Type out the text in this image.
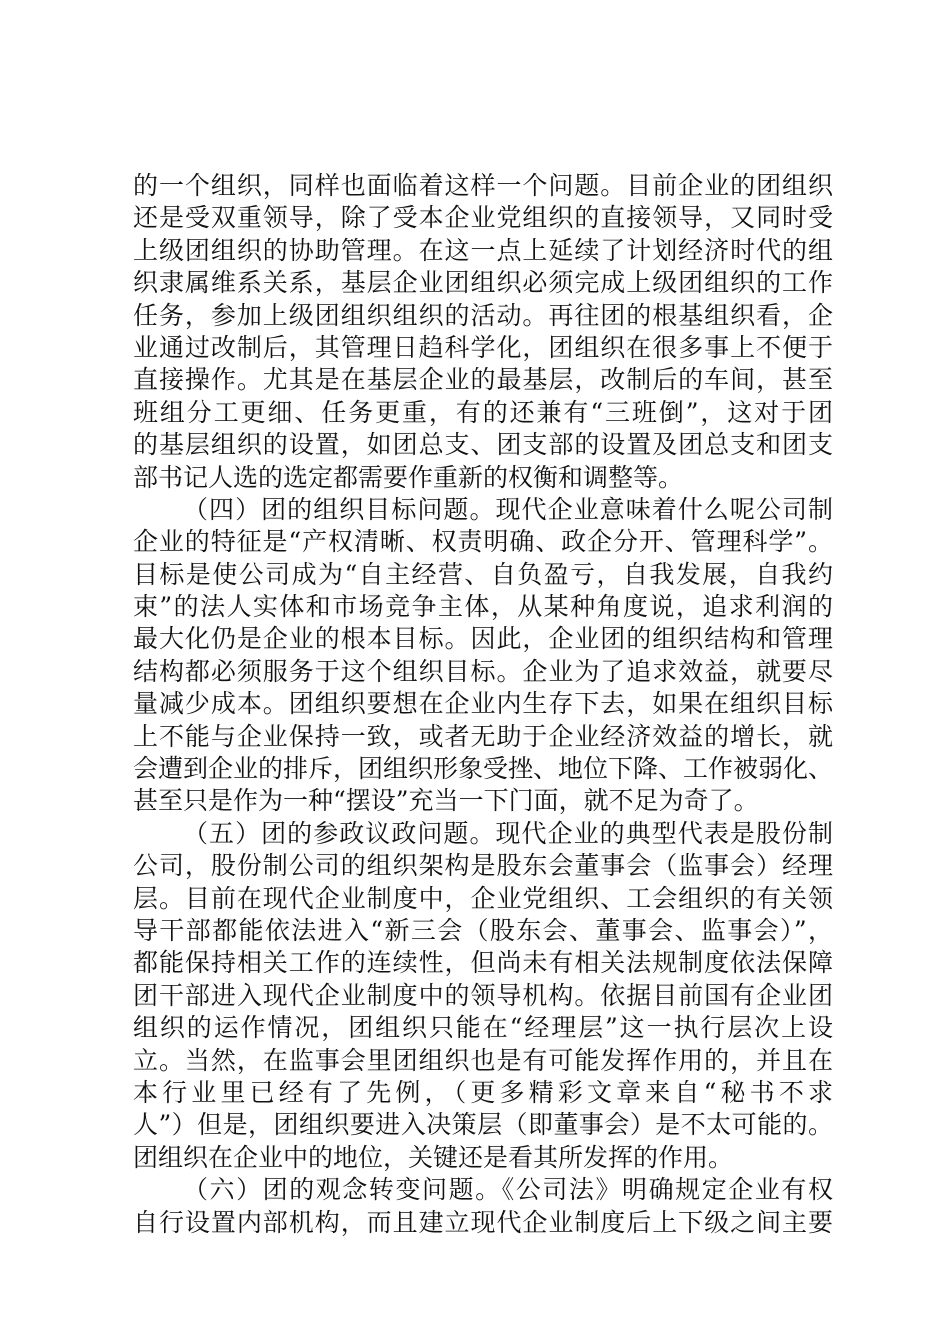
的一个组织，同样也面临着这样一个问题。目前企业的团组织
还是受双重领导，除了受本企业党组织的直接领导，又同时受
上级团组织的协助管理。在这一点上延续了计划经济时代的组
织隶属维系关系，基层企业团组织必须完成上级团组织的工作
任务，参加上级团组织组织的活动。再往团的根基组织看，企
业通过改制后，其管理日趋科学化，团组织在很多事上不便于
直接操作。尤其是在基层企业的最基层，改制后的车间，甚至
班组分工更细、任务更重，有的还兼有“三班倒”，这对于团
的基层组织的设置，如团总支、团支部的设置及团总支和团支
部书记人选的选定都需要作重新的权衡和调整等。
（四）团的组织目标问题。现代企业意味着什么呢公司制
企业的特征是“产权清晰、权责明确、政企分开、管理科学”。
目标是使公司成为“自主经营、自负盈亏，自我发展，自我约
束”的法人实体和市场竞争主体，从某种角度说，追求利润的
最大化仍是企业的根本目标。因此，企业团的组织结构和管理
结构都必须服务于这个组织目标。企业为了追求效益，就要尽
量减少成本。团组织要想在企业内生存下去，如果在组织目标
上不能与企业保持一致，或者无助于企业经济效益的增长，就
会遭到企业的排斥，团组织形象受挫、地位下降、工作被弱化、
甚至只是作为一种“摆设”充当一下门面，就不足为奇了。
（五）团的参政议政问题。现代企业的典型代表是股份制
公司，股份制公司的组织架构是股东会董事会（监事会）经理
层。目前在现代企业制度中，企业党组织、工会组织的有关领
导干部都能依法进入“新三会（股东会、董事会、监事会）”，
都能保持相关工作的连续性，但尚未有相关法规制度依法保障
团干部进入现代企业制度中的领导机构。依据目前国有企业团
组织的运作情况，团组织只能在“经理层”这一执行层次上设
立。当然，在监事会里团组织也是有可能发挥作用的，并且在
本行业里已经有了先例，（更多精彩文章来自“秘书不求
人”）但是，团组织要进入决策层（即董事会）是不太可能的。
团组织在企业中的地位，关键还是看其所发挥的作用。
（六）团的观念转变问题。《公司法》明确规定企业有权
自行设置内部机构，而且建立现代企业制度后上下级之间主要
